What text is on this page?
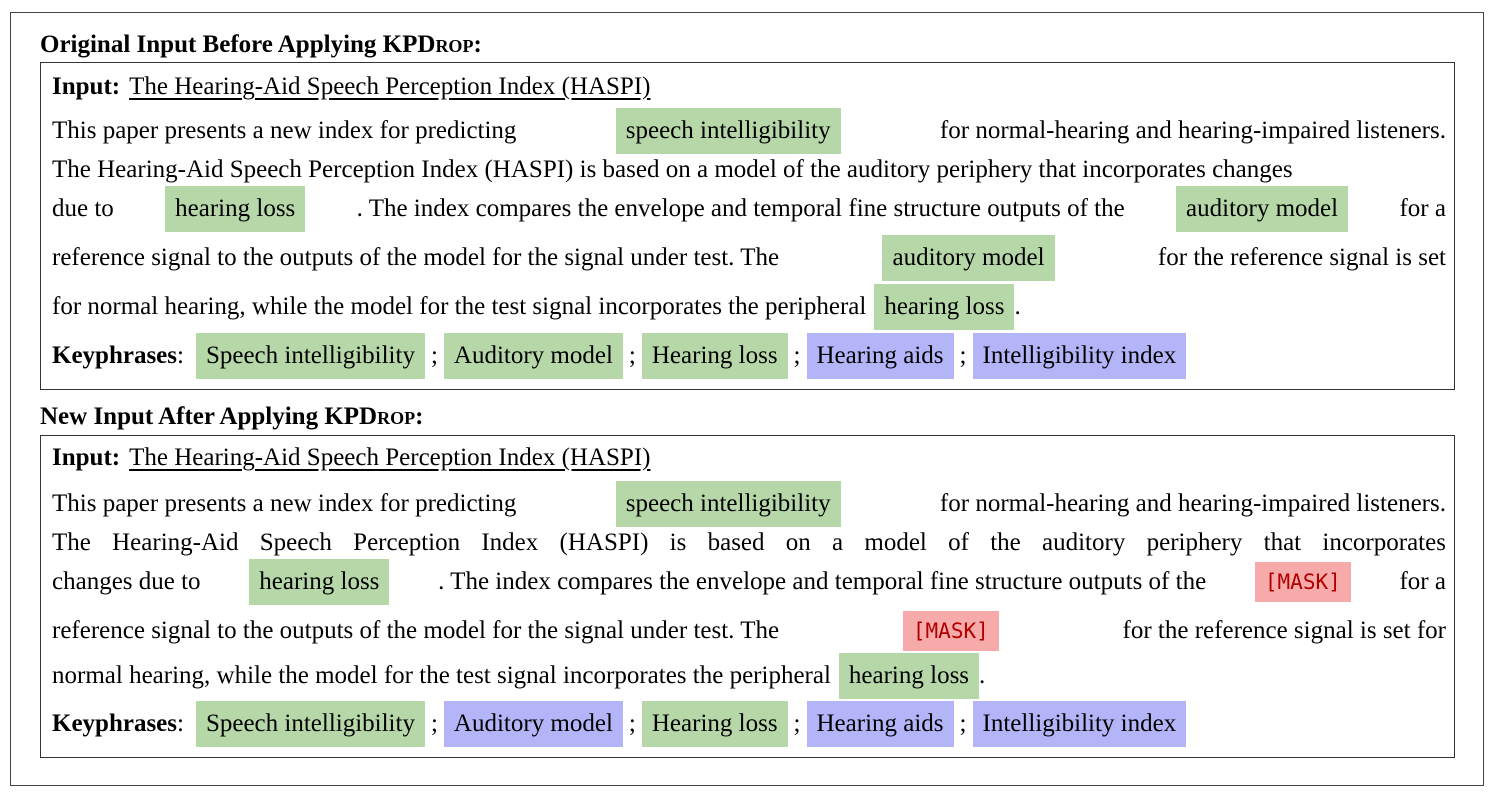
Original Input Before Applying KPDrop:
Input: The Hearing-Aid Speech Perception Index (HASPI)
This paper presents a new index for predicting	speech intelligibility	for normal-hearing and hearing-impaired listeners.
The Hearing-Aid Speech Perception Index (HASPI) is based on a model of the auditory periphery that incorporates changes
due to	hearing loss	. The index compares the envelope and temporal fine structure outputs of the	auditory model	for a
reference signal to the outputs of the model for the signal under test. The	auditory model	for the reference signal is set
for normal hearing, while the model for the test signal incorporates the peripheral hearing loss .
Keyphrases : Speech intelligibility ; Auditory model ; Hearing loss ; Hearing aids ; Intelligibility index
New Input After Applying KPDrop:
Input: The Hearing-Aid Speech Perception Index (HASPI)
This paper presents a new index for predicting	speech intelligibility	for normal-hearing and hearing-impaired listeners.
The Hearing-Aid Speech Perception Index (HASPI) is based on a model of the auditory periphery that incorporates
changes due to	hearing loss	. The index compares the envelope and temporal fine structure outputs of the	[MASK]	for a
reference signal to the outputs of the model for the signal under test. The	[MASK]	for the reference signal is set for
normal hearing, while the model for the test signal incorporates the peripheral hearing loss .
Keyphrases : Speech intelligibility ; Auditory model ; Hearing loss ; Hearing aids ; Intelligibility index
